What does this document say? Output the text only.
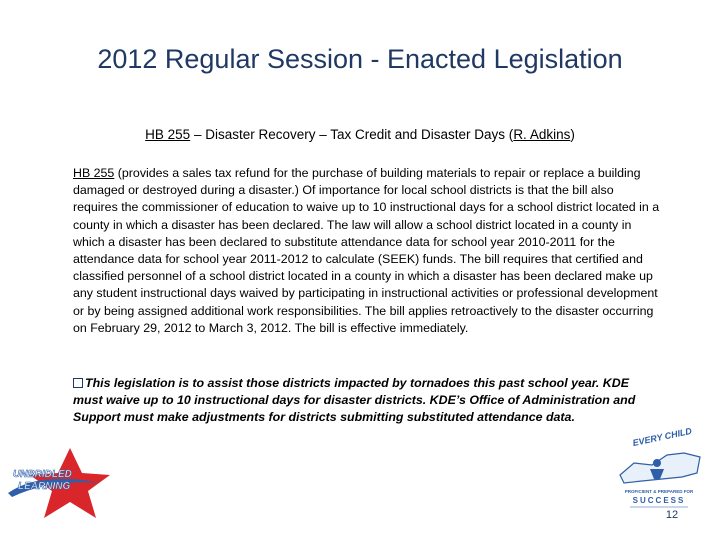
2012 Regular Session - Enacted Legislation
HB 255 – Disaster Recovery – Tax Credit and Disaster Days (R. Adkins)
HB 255 (provides a sales tax refund for the purchase of building materials to repair or replace a building damaged or destroyed during a disaster.) Of importance for local school districts is that the bill also requires the commissioner of education to waive up to 10 instructional days for a school district located in a county in which a disaster has been declared. The law will allow a school district located in a county in which a disaster has been declared to substitute attendance data for school year 2010-2011 for the attendance data for school year 2011-2012 to calculate (SEEK) funds. The bill requires that certified and classified personnel of a school district located in a county in which a disaster has been declared make up any student instructional days waived by participating in instructional activities or professional development or by being assigned additional work responsibilities. The bill applies retroactively to the disaster occurring on February 29, 2012 to March 3, 2012. The bill is effective immediately.
This legislation is to assist those districts impacted by tornadoes this past school year. KDE must waive up to 10 instructional days for disaster districts. KDE’s Office of Administration and Support must make adjustments for districts submitting substituted attendance data.
UNBRIDLED
LEARNING
EVERY CHILD
PROFICIENT & PREPARED FOR
SUCCESS
12
